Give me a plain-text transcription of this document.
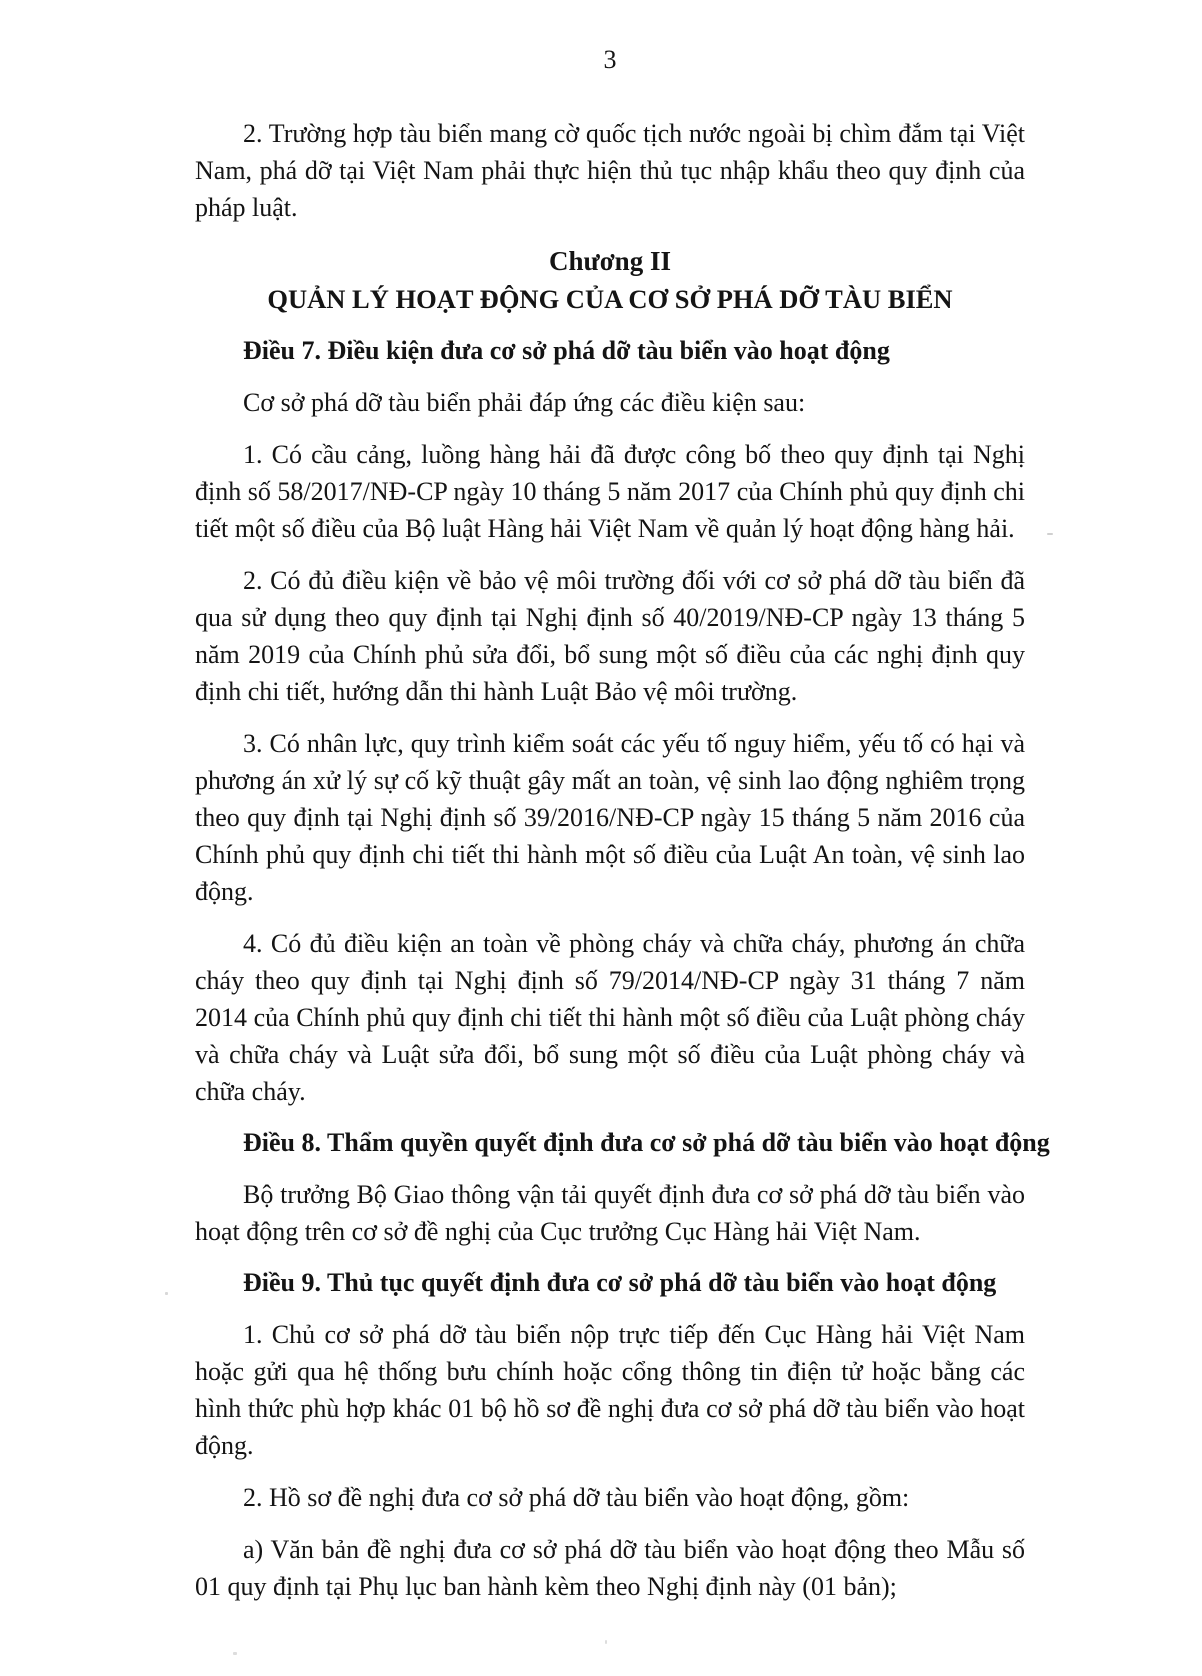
3

2. Trường hợp tàu biển mang cờ quốc tịch nước ngoài bị chìm đắm tại Việt Nam, phá dỡ tại Việt Nam phải thực hiện thủ tục nhập khẩu theo quy định của pháp luật.

Chương II
QUẢN LÝ HOẠT ĐỘNG CỦA CƠ SỞ PHÁ DỠ TÀU BIỂN
Điều 7. Điều kiện đưa cơ sở phá dỡ tàu biển vào hoạt động

Cơ sở phá dỡ tàu biển phải đáp ứng các điều kiện sau:

1. Có cầu cảng, luồng hàng hải đã được công bố theo quy định tại Nghị định số 58/2017/NĐ-CP ngày 10 tháng 5 năm 2017 của Chính phủ quy định chi tiết một số điều của Bộ luật Hàng hải Việt Nam về quản lý hoạt động hàng hải.

2. Có đủ điều kiện về bảo vệ môi trường đối với cơ sở phá dỡ tàu biển đã qua sử dụng theo quy định tại Nghị định số 40/2019/NĐ-CP ngày 13 tháng 5 năm 2019 của Chính phủ sửa đổi, bổ sung một số điều của các nghị định quy định chi tiết, hướng dẫn thi hành Luật Bảo vệ môi trường.

3. Có nhân lực, quy trình kiểm soát các yếu tố nguy hiểm, yếu tố có hại và phương án xử lý sự cố kỹ thuật gây mất an toàn, vệ sinh lao động nghiêm trọng theo quy định tại Nghị định số 39/2016/NĐ-CP ngày 15 tháng 5 năm 2016 của Chính phủ quy định chi tiết thi hành một số điều của Luật An toàn, vệ sinh lao động.

4. Có đủ điều kiện an toàn về phòng cháy và chữa cháy, phương án chữa cháy theo quy định tại Nghị định số 79/2014/NĐ-CP ngày 31 tháng 7 năm 2014 của Chính phủ quy định chi tiết thi hành một số điều của Luật phòng cháy và chữa cháy và Luật sửa đổi, bổ sung một số điều của Luật phòng cháy và chữa cháy.

Điều 8. Thẩm quyền quyết định đưa cơ sở phá dỡ tàu biển vào hoạt động

Bộ trưởng Bộ Giao thông vận tải quyết định đưa cơ sở phá dỡ tàu biển vào hoạt động trên cơ sở đề nghị của Cục trưởng Cục Hàng hải Việt Nam.

Điều 9. Thủ tục quyết định đưa cơ sở phá dỡ tàu biển vào hoạt động

1. Chủ cơ sở phá dỡ tàu biển nộp trực tiếp đến Cục Hàng hải Việt Nam hoặc gửi qua hệ thống bưu chính hoặc cổng thông tin điện tử hoặc bằng các hình thức phù hợp khác 01 bộ hồ sơ đề nghị đưa cơ sở phá dỡ tàu biển vào hoạt động.

2. Hồ sơ đề nghị đưa cơ sở phá dỡ tàu biển vào hoạt động, gồm:

a) Văn bản đề nghị đưa cơ sở phá dỡ tàu biển vào hoạt động theo Mẫu số 01 quy định tại Phụ lục ban hành kèm theo Nghị định này (01 bản);
